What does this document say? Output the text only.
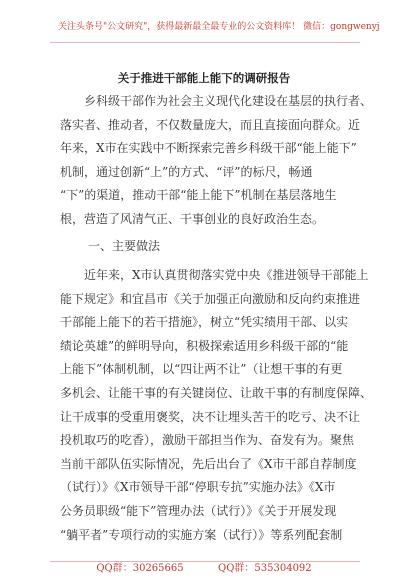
关注头条号"公文研究"，获得最新最全最专业的公文资料库！ 微信：gongwenyj
关于推进干部能上能下的调研报告
乡科级干部作为社会主义现代化建设在基层的执行者、
落实者、推动者，不仅数量庞大，而且直接面向群众。近
年来，X市在实践中不断探索完善乡科级干部“能上能下”
机制，通过创新“上”的方式、“评”的标尺，畅通
“下”的渠道，推动干部“能上能下”机制在基层落地生
根，营造了风清气正、干事创业的良好政治生态。
一、主要做法
近年来，X市认真贯彻落实党中央《推进领导干部能上
能下规定》和宜昌市《关于加强正向激励和反向约束推进
干部能上能下的若干措施》，树立“凭实绩用干部、以实
绩论英雄”的鲜明导向，积极探索适用乡科级干部的“能
上能下”体制机制，以“四让两不让”（让想干事的有更
多机会、让能干事的有关键岗位、让敢干事的有制度保障、
让干成事的受重用褒奖，决不让埋头苦干的吃亏、决不让
投机取巧的吃香），激励干部担当作为、奋发有为。聚焦
当前干部队伍实际情况，先后出台了《X市干部自荐制度
（试行）》《X市领导干部“停职专抗”实施办法》《X市
公务员职级“能下”管理办法（试行）》《关于开展发现
“躺平者”专项行动的实施方案（试行）》等系列配套制
QQ群：30265665	QQ群：535304092
